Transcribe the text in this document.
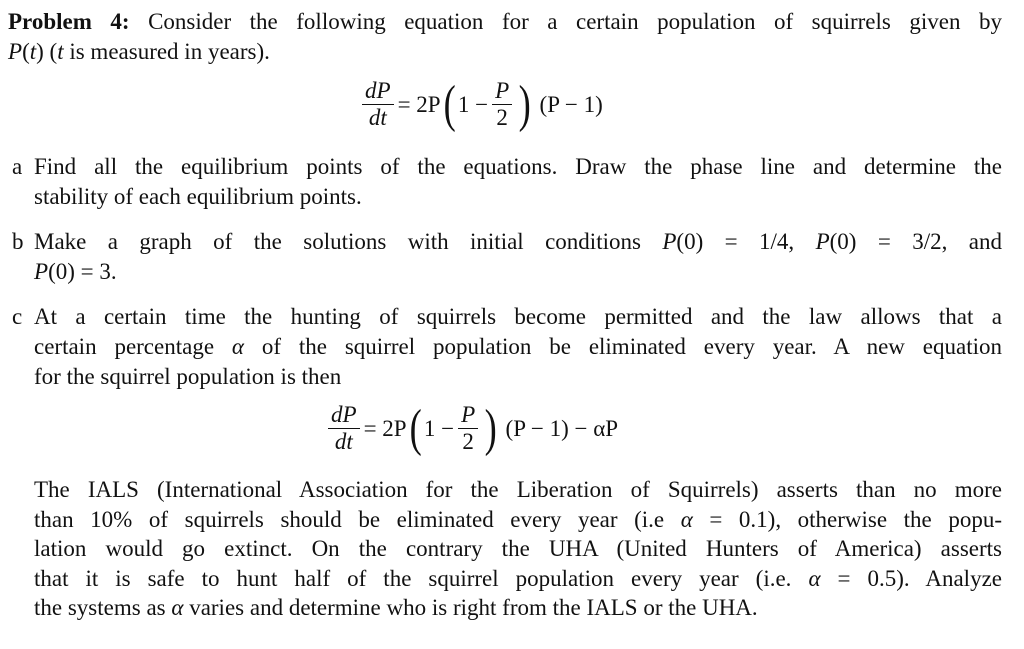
Problem 4: Consider the following equation for a certain population of squirrels given by
P(t) (t is measured in years).
$\frac{dP}{dt} = 2P$ ( $1 - \frac{P}{2}$ ) (P − 1)
a Find all the equilibrium points of the equations. Draw the phase line and determine the
stability of each equilibrium points.
b Make a graph of the solutions with initial conditions P(0) = 1/4, P(0) = 3/2, and
P(0) = 3.
c At a certain time the hunting of squirrels become permitted and the law allows that a
certain percentage α of the squirrel population be eliminated every year. A new equation
for the squirrel population is then
$\frac{dP}{dt} = 2P$ ( $1 - \frac{P}{2}$ ) (P − 1) − αP
The IALS (International Association for the Liberation of Squirrels) asserts than no more
than 10% of squirrels should be eliminated every year (i.e α = 0.1), otherwise the popu-
lation would go extinct. On the contrary the UHA (United Hunters of America) asserts
that it is safe to hunt half of the squirrel population every year (i.e. α = 0.5). Analyze
the systems as α varies and determine who is right from the IALS or the UHA.
